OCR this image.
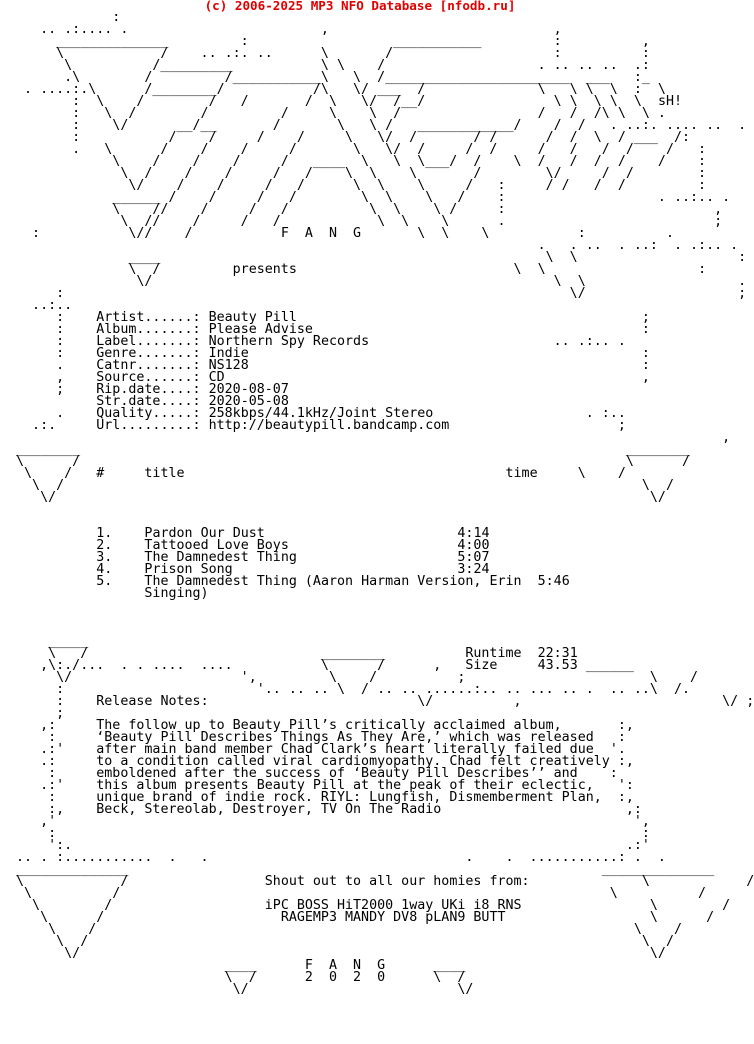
(c) 2006-2025 MP3 NFO Database [nfodb.ru]
:
.. .:.... .                        ,                            ,
______________         :                  ___________         :          ,
\            /    .. .:. ..      \       /                    :          :
\          /_________           \ \    /                   . .. .. ..  .:
.\        /         /___________\   \  /_______________________  ___   :_
. ....:.\      /________/           /\   \/ ___  /              \   \ \  \  :  \
:  \    /        /   /       /  \   \/  /__/                \ \  \ \  \  sH!
:   \  /        /         /     \    \  /                 /   /  /\ \  \ .
:    \/      __/__       /       \   \ /   ____________/    /  /   . ..:. .... ..  .
:           /    /     /    /     \   \/  /       / /      /  /  \  / ___  /:
.   \      /    /    /     /       \   \/  /     /  /     /   /   /  /    /   :
\    /    /    /     /   ____  \   \  \___/  /    \  /   /  /  /    /    :
\  /    /    /     /   /    \  \    \       /        \/     /  /        :
\/    /    /     /   /      \  \    \     /   :     / /   /  /         :
______ /    /     /   /        \  \    \   /    :                   . ..:.. .
\    //    /     /   /          \  \    \ /     :                          ,
\  //    /     /   /            \  \    \      .                          ;
:           \//    /	F  A  N  G	\  \    \           :          .
.   . ..  . ..:  . .:.. .
____                                                \  \                    :
\  /	presents	\  \                   :
\/                                                  \  \                   .
:                                                               \/                   ;
..:..
:    Artist......: Beauty Pill	;
:    Album.......: Please Advise	:
:    Label.......: Northern Spy Records	.. .:.. .
:    Genre.......: Indie	:
.    Catnr.......: NS128	:
,    Source......: CD	,
;    Rip.date....: 2020-08-07
Str.date....: 2020-05-08
.    Quality.....: 258kbps/44.1kHz/Joint Stereo	. :..
.:.	Url.........: http://beautypill.bandcamp.com	;
,
________                                                                    ________
\      /                                                                    \      /
\    /   #	title	time	\    /
\  /                                                                        \  /
\/                                                                          \/

1. Pardon Our Dust	4:14
2. Tattooed Love Boys	4:00
3. The Damnedest Thing	5:07
4. Prison Song	3:24
5. The Damnedest Thing (Aaron Harman Version, Erin 5:46
Singing)

_____
\   /                             ________	Runtime 22:31
,\:./...  . . ....  ....           \      /      ,   Size	43.53 ______
\/                     ',         \    /          ;                       \    /
:                        '.. .. .. \  / .. .. ......:.. .. ... .. .  .. ..\  /.
:    Release Notes:	\/          ,                         \/ ;
;
,:	The follow up to Beauty Pill’s critically acclaimed album,	:,
:	‘Beauty Pill Describes Things As They Are,’ which was released   :
.:'    after main band member Chad Clark’s heart literally failed due  '.
.:	to a condition called viral cardiomyopathy. Chad felt creatively :,
:	emboldened after the success of ‘Beauty Pill Describes’’ and    :
.:'    this album presents Beauty Pill at the peak of their eclectic,   ':
:	unique brand of indie rock. RIYL: Lungfish, Dismemberment Plan,  :,
:,    Beck, Stereolab, Destroyer, TV On The Radio	,:
,'                                                                        ',
:                                                                         :
':.                                                                     .:'
.. . :...........  .   .                                .    .  ...........: .  .
______________                                                           ______________
\            /	Shout out to all our homies from:	\            /
\          /                                                             \          /
\        /	iPC BOSS HiT2000 1way UKi i8 RNS	\        /
\      /	RAGEMP3 MANDY DV8 pLAN9 BUTT	\      /
\    /                                                                   \    /
\  /                                                                     \  /
\/                                                                       \/
____	F  A  N  G	____
\  /	2  0  2  0	\  /
\/                          \/
